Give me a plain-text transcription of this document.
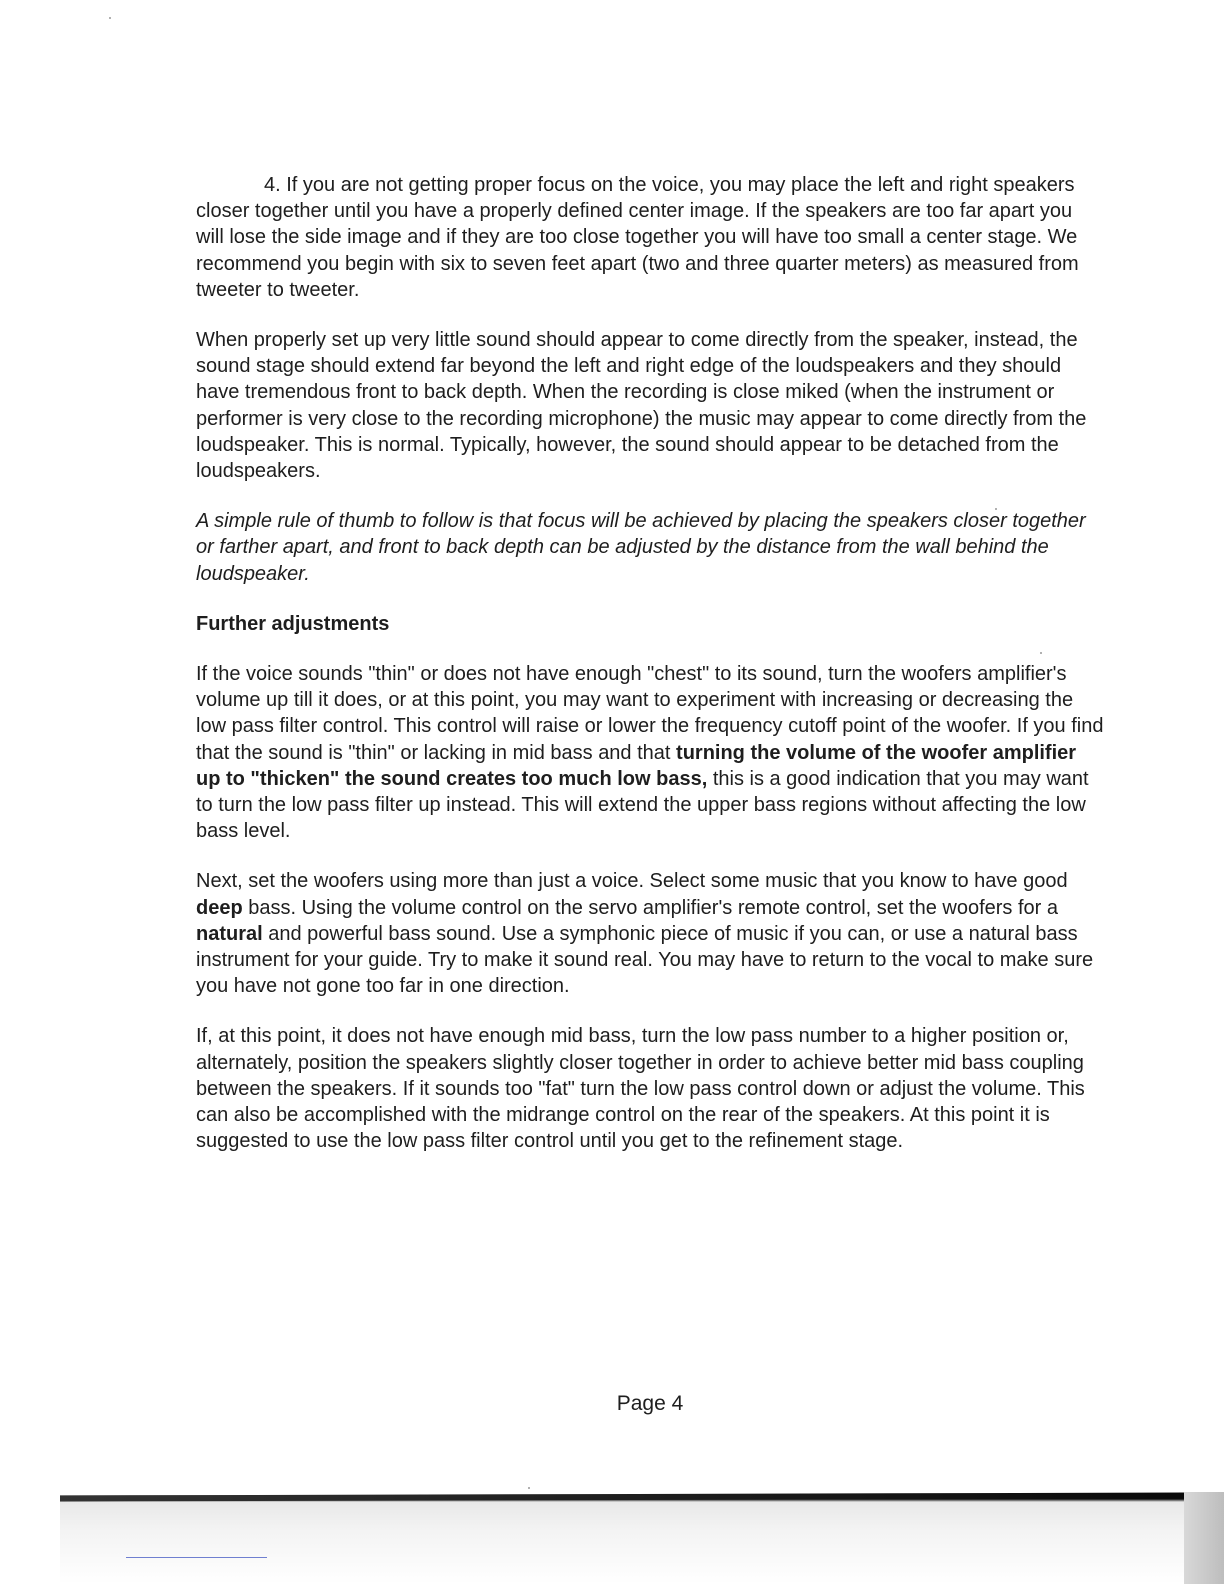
4. If you are not getting proper focus on the voice, you may place the left and right speakers closer together until you have a properly defined center image. If the speakers are too far apart you will lose the side image and if they are too close together you will have too small a center stage. We recommend you begin with six to seven feet apart (two and three quarter meters) as measured from tweeter to tweeter.

When properly set up very little sound should appear to come directly from the speaker, instead, the sound stage should extend far beyond the left and right edge of the loudspeakers and they should have tremendous front to back depth. When the recording is close miked (when the instrument or performer is very close to the recording microphone) the music may appear to come directly from the loudspeaker. This is normal. Typically, however, the sound should appear to be detached from the loudspeakers.

A simple rule of thumb to follow is that focus will be achieved by placing the speakers closer together or farther apart, and front to back depth can be adjusted by the distance from the wall behind the loudspeaker.

Further adjustments

If the voice sounds "thin" or does not have enough "chest" to its sound, turn the woofers amplifier's volume up till it does, or at this point, you may want to experiment with increasing or decreasing the low pass filter control. This control will raise or lower the frequency cutoff point of the woofer. If you find that the sound is "thin" or lacking in mid bass and that turning the volume of the woofer amplifier up to "thicken" the sound creates too much low bass, this is a good indication that you may want to turn the low pass filter up instead. This will extend the upper bass regions without affecting the low bass level.

Next, set the woofers using more than just a voice. Select some music that you know to have good deep bass. Using the volume control on the servo amplifier's remote control, set the woofers for a natural and powerful bass sound. Use a symphonic piece of music if you can, or use a natural bass instrument for your guide. Try to make it sound real. You may have to return to the vocal to make sure you have not gone too far in one direction.

If, at this point, it does not have enough mid bass, turn the low pass number to a higher position or, alternately, position the speakers slightly closer together in order to achieve better mid bass coupling between the speakers. If it sounds too "fat" turn the low pass control down or adjust the volume. This can also be accomplished with the midrange control on the rear of the speakers. At this point it is suggested to use the low pass filter control until you get to the refinement stage.

Page 4
